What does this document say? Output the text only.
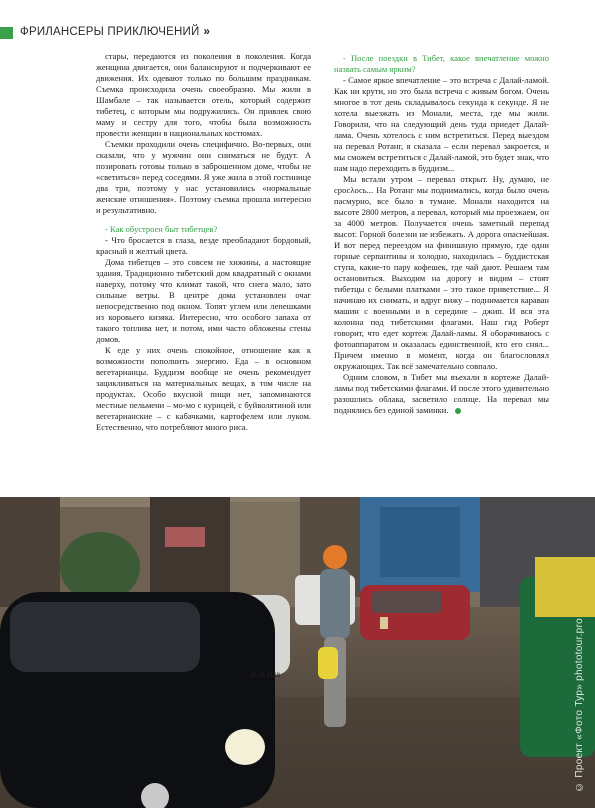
ФРИЛАНСЕРЫ ПРИКЛЮЧЕНИЙ »

стары, передаются из поколения в поколения. Когда женщина двигается, они балансируют и подчеркивают ее движения. Их одевают только по большим праздникам. Съемка происходила очень своеобразно. Мы жили в Шамбале – так называется отель, который содержит тибетец, с которым мы подружились. Он привлек свою маму и сестру для того, чтобы была возможность провести женщин в национальных костюмах.

Съемки проходили очень специфично. Во-первых, они сказали, что у мужчин они сниматься не будут. А позировать готовы только в заброшенном доме, чтобы не «светиться» перед соседями. Я уже жила в этой гостинице два три, поэтому у нас установились «нормальные женские отношения». Поэтому съемка прошла интересно и результативно.

- Как обустроен быт тибетцев?

- Что бросается в глаза, везде преобладают бордовый, красный и желтый цвета.

Дома тибетцев – это совсем не хижины, а настоящие здания. Традиционно тибетский дом квадратный с окнами наверху, потому что климат такой, что снега мало, зато сильные ветры. В центре дома установлен очаг непосредственно под окном. Топят углем или лепешками из коровьего кизяка. Интересно, что особого запаха от такого топлива нет, и потом, ими часто обложены стены домов.

К еде у них очень спокойное, отношение как к возможности пополнить энергию. Еда – в основном вегетарианцы. Буддизм вообще не очень рекомендует зацикливаться на материальных вещах, в том числе на продуктах. Особо вкусной пищи нет, запоминаются местные пельмени – мо-мо с курицей, с буйволятиной или вегетарианские – с кабачками, картофелем или луком. Естественно, что потребляют много риса.

- После поездки в Тибет, какое впечатление можно назвать самым ярким?

- Самое яркое впечатление – это встреча с Далай-ламой. Как ни крути, но это была встреча с живым богом. Очень многое в тот день складывалось секунда к секунде. Я не хотела выезжать из Монали, места, где мы жили. Говорили, что на следующий день туда приедет Далай-лама. Очень хотелось с ним встретиться. Перед выездом на перевал Ротанг, я сказала – если перевал закроется, и мы сможем встретиться с Далай-ламой, это будет знак, что нам надо переходить в буддизм...

Мы встали утром – перевал открыт. Ну, думаю, не сросλось... На Ротанг мы поднимались, когда было очень пасмурно, все было в тумане. Монали находится на высоте 2800 метров, а перевал, который мы проезжаем, он за 4000 метров. Получается очень заметный перепад высот. Горной болезни не избежать. А дорога опаснейшая. И вот перед переездом на финишную прямую, где одни горные серпантины и холодно, находилась – буддистская ступа, какие-то пару кофешек, где чай дают. Решаем там остановиться. Выходим на дорогу и видим – стоят тибетцы с белыми платками – это такое приветствие... Я начинаю их снимать, и вдруг вижу – поднимается караван машин с военными и в середине – джип. И вся эта колонна под тибетскими флагами. Наш гид Роберт говорит, что едет кортеж Далай-ламы. Я оборачиваюсь с фотоаппаратом и оказалась единственной, кто его снял... Причем именно в момент, когда он благословлял окружающих. Так всё замечательно совпало.

Одним словом, в Тибет мы въехали в кортеже Далай-ламы под тибетскими флагами. И после этого удивительно разошлись облака, засветило солнце. На перевал мы поднялись без единой заминки.

JK 01 1188	© Проект «Фото Тур» phototour.pro
